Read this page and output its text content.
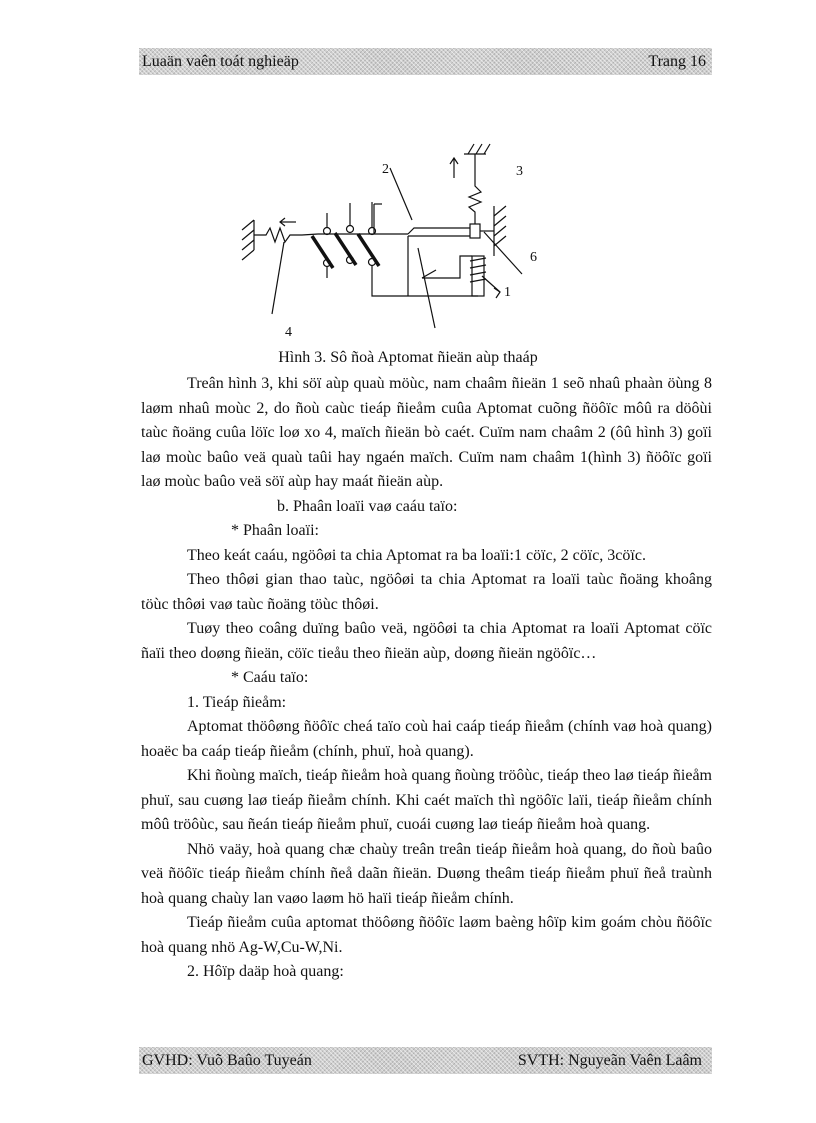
Luaän vaên toát nghieäp	Trang 16
2	3
6
1
4
Hình 3. Sô ñoà Aptomat ñieän aùp thaáp

Treân hình 3, khi söï aùp quaù möùc, nam chaâm ñieän 1 seõ nhaû phaàn öùng 8 laøm nhaû moùc 2, do ñoù caùc tieáp ñieåm cuûa Aptomat cuõng ñöôïc môû ra döôùi taùc ñoäng cuûa löïc loø xo 4, maïch ñieän bò caét. Cuïm nam chaâm 2 (ôû hình 3) goïi laø moùc baûo veä quaù taûi hay ngaén maïch. Cuïm nam chaâm 1(hình 3) ñöôïc goïi laø moùc baûo veä söï aùp hay maát ñieän aùp.

b. Phaân loaïi vaø caáu taïo:

* Phaân loaïi:

Theo keát caáu, ngöôøi ta chia Aptomat ra ba loaïi:1 cöïc, 2 cöïc, 3cöïc.

Theo thôøi gian thao taùc, ngöôøi ta chia Aptomat ra loaïi taùc ñoäng khoâng töùc thôøi vaø taùc ñoäng töùc thôøi.

Tuøy theo coâng duïng baûo veä, ngöôøi ta chia Aptomat ra loaïi Aptomat cöïc ñaïi theo doøng ñieän, cöïc tieåu theo ñieän aùp, doøng ñieän ngöôïc…

* Caáu taïo:

1. Tieáp ñieåm:

Aptomat thöôøng ñöôïc cheá taïo coù hai caáp tieáp ñieåm (chính vaø hoà quang) hoaëc ba caáp tieáp ñieåm (chính, phuï, hoà quang).

Khi ñoùng maïch, tieáp ñieåm hoà quang ñoùng tröôùc, tieáp theo laø tieáp ñieåm phuï, sau cuøng laø tieáp ñieåm chính. Khi caét maïch thì ngöôïc laïi, tieáp ñieåm chính môû tröôùc, sau ñeán tieáp ñieåm phuï, cuoái cuøng laø tieáp ñieåm hoà quang.

Nhö vaäy, hoà quang chæ chaùy treân treân tieáp ñieåm hoà quang, do ñoù baûo veä ñöôïc tieáp ñieåm chính ñeå daãn ñieän. Duøng theâm tieáp ñieåm phuï ñeå traùnh hoà quang chaùy lan vaøo laøm hö haïi tieáp ñieåm chính.

Tieáp ñieåm cuûa aptomat thöôøng ñöôïc laøm baèng hôïp kim goám chòu ñöôïc hoà quang nhö Ag-W,Cu-W,Ni.

2. Hôïp daäp hoà quang:

GVHD: Vuõ Baûo Tuyeán	SVTH: Nguyeãn Vaên Laâm
